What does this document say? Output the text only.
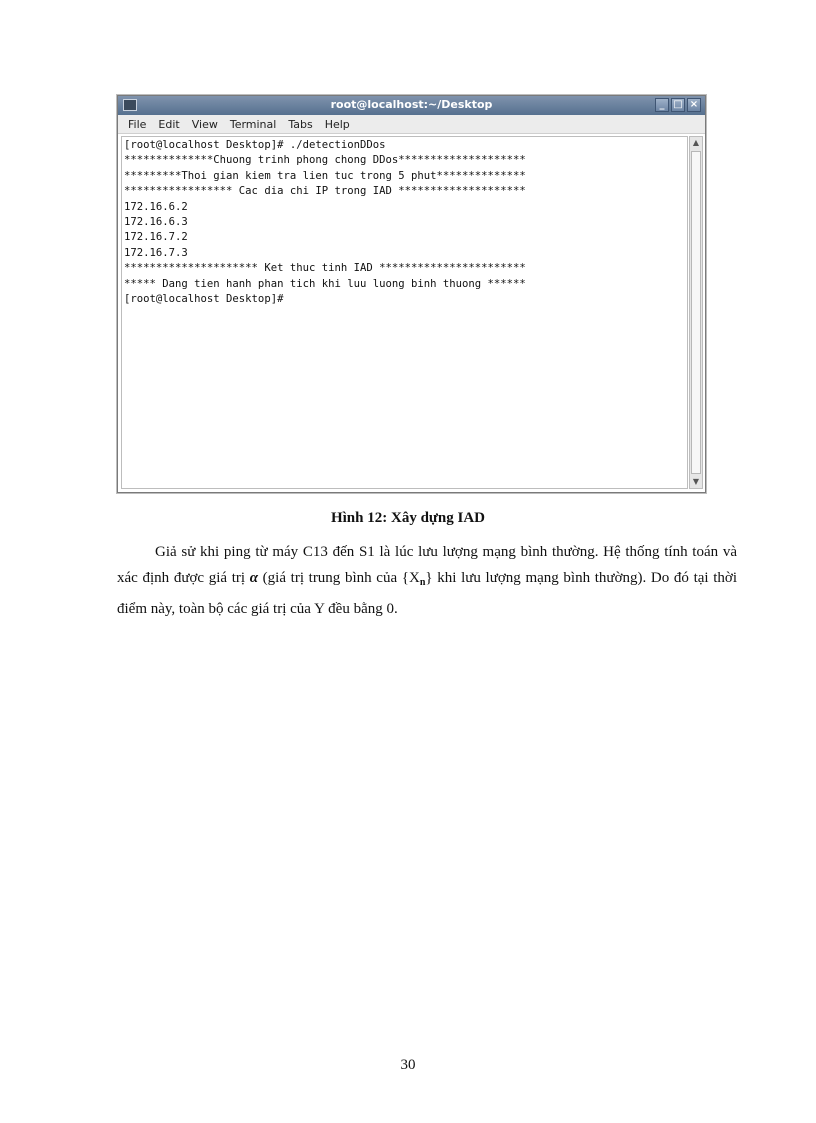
root@localhost:~/Desktop	_ □ ×
File Edit View Terminal Tabs Help
[root@localhost Desktop]# ./detectionDDos
**************Chuong trinh phong chong DDos********************
*********Thoi gian kiem tra lien tuc trong 5 phut**************
***************** Cac dia chi IP trong IAD ********************
172.16.6.2
172.16.6.3
172.16.7.2
172.16.7.3
********************* Ket thuc tinh IAD ***********************
***** Dang tien hanh phan tich khi luu luong binh thuong ******
[root@localhost Desktop]#
▲
▼
Hình 12: Xây dựng IAD

Giả sử khi ping từ máy C13 đến S1 là lúc lưu lượng mạng bình thường. Hệ thống tính toán và xác định được giá trị α (giá trị trung bình của $\{X_n\}$ khi lưu lượng mạng bình thường). Do đó tại thời điểm này, toàn bộ các giá trị của Y đều bằng 0.

30
